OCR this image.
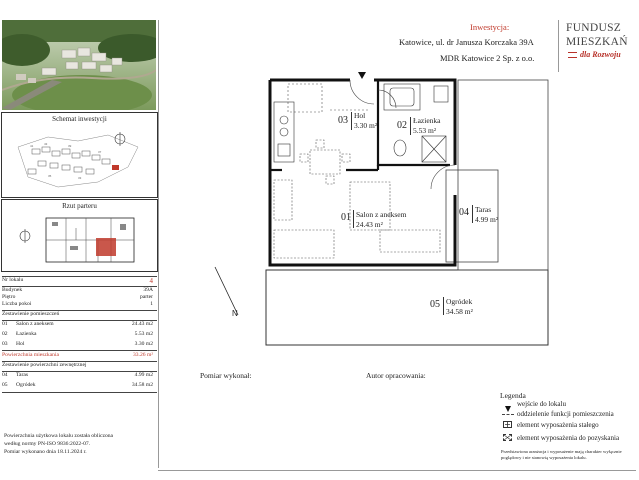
Schemat inwestycji
41	43	39
37
35	33
Rzut parteru
Nr lokalu	4
Budynek	39A
Piętro	parter
Liczba pokoi	1
Zestawienie pomieszczeń
01 Salon z aneksem	24.43 m2
02 Łazienka	5.53 m2
03 Hol	3.30 m2
Powierzchnia mieszkania	33.26 m²
Zestawienie powierzchni zewnętrznej
04 Taras	4.99 m2
05 Ogródek	34.58 m2
Powierzchnia użytkowa lokalu została obliczona
według normy PN-ISO 9836:2022-07.
Pomiar wykonano dnia 18.11.2024 r.
Inwestycja:
Katowice, ul. dr Janusza Korczaka 39A
MDR Katowice 2 Sp. z o.o.
FUNDUSZ
MIESZKAŃ
dla Rozwoju
N
03 Hol
3.30 m² 02 Łazienka
5.53 m²
01 Salon z aneksem
24.43 m²
04 Taras
4.99 m²
05 Ogródek
34.58 m²
Pomiar wykonał:	Autor opracowania:
Legenda
wejście do lokalu
oddzielenie funkcji pomieszczenia
element wyposażenia stałego
element wyposażenia do pozyskania
Przedstawiona aranżacja i wyposażenie mają charakter wyłącznie
poglądowy i nie stanowią wyposażenia lokalu.
